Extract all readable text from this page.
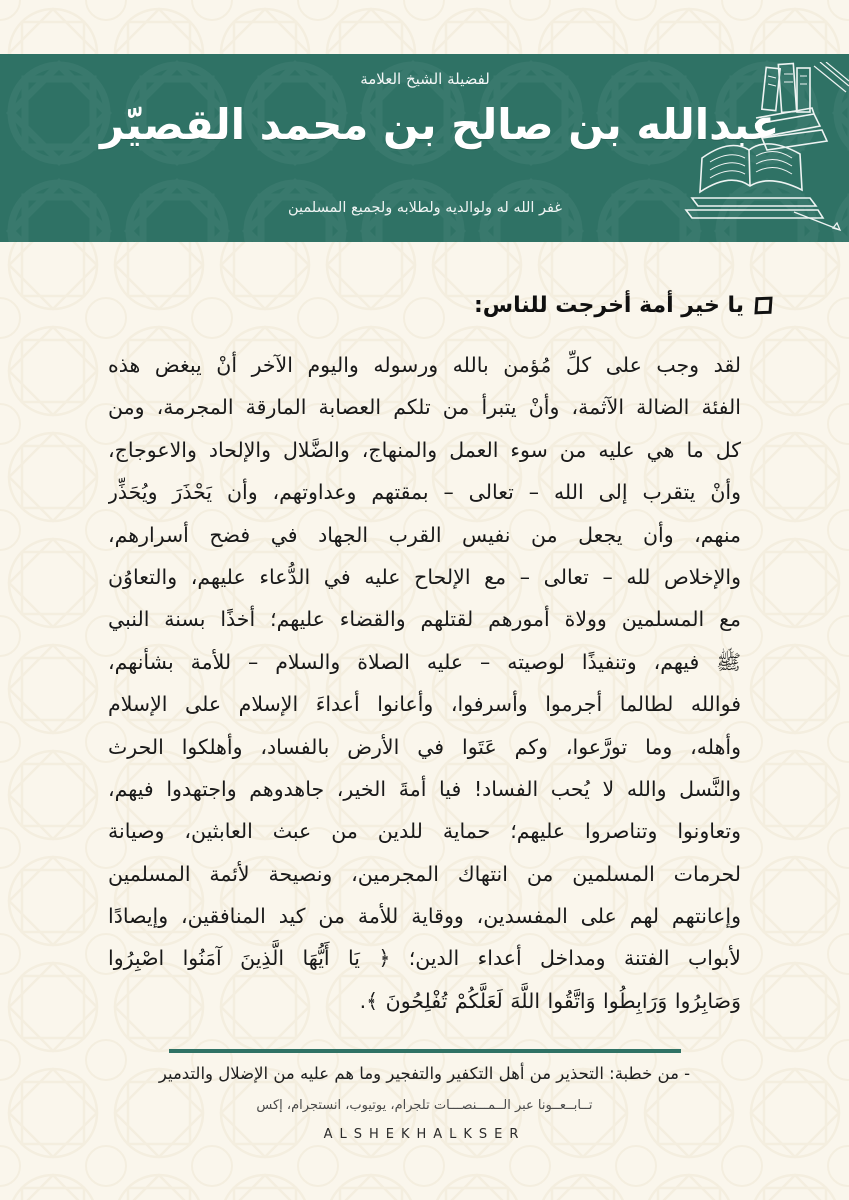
لفضيلة الشيخ العلامة
عبدالله بن صالح بن محمد القصيّر
غفر الله له ولوالديه ولطلابه ولجميع المسلمين
يا خير أمة أخرجت للناس:
لقد وجب على كلِّ مُؤمن بالله ورسوله واليوم الآخر أنْ يبغض هذه
الفئة الضالة الآثمة، وأنْ يتبرأ من تلكم العصابة المارقة المجرمة، ومن
كل ما هي عليه من سوء العمل والمنهاج، والضَّلال والإلحاد والاعوجاج،
وأنْ يتقرب إلى الله – تعالى – بمقتهم وعداوتهم، وأن يَحْذَرَ ويُحَذِّر
منهم، وأن يجعل من نفيس القرب الجهاد في فضح أسرارهم،
والإخلاص لله – تعالى – مع الإلحاح عليه في الدُّعاء عليهم، والتعاوُن
مع المسلمين وولاة أمورهم لقتلهم والقضاء عليهم؛ أخذًا بسنة النبي
ﷺ فيهم، وتنفيذًا لوصيته – عليه الصلاة والسلام – للأمة بشأنهم،
فوالله لطالما أجرموا وأسرفوا، وأعانوا أعداءَ الإسلام على الإسلام
وأهله، وما تورَّعوا، وكم عَتَوا في الأرض بالفساد، وأهلكوا الحرث
والنَّسل والله لا يُحب الفساد! فيا أمةَ الخير، جاهدوهم واجتهدوا فيهم،
وتعاونوا وتناصروا عليهم؛ حماية للدين من عبث العابثين، وصيانة
لحرمات المسلمين من انتهاك المجرمين، ونصيحة لأئمة المسلمين
وإعانتهم لهم على المفسدين، ووقاية للأمة من كيد المنافقين، وإيصادًا
لأبواب الفتنة ومداخل أعداء الدين؛ ﴿ يَا أَيُّهَا الَّذِينَ آمَنُوا اصْبِرُوا
وَصَابِرُوا وَرَابِطُوا وَاتَّقُوا اللَّهَ لَعَلَّكُمْ تُفْلِحُونَ ﴾.
- من خطبة: التحذير من أهل التكفير والتفجير وما هم عليه من الإضلال والتدمير
تــابــعــونا عبر الــمـــنصـــات تلجرام، يوتيوب، انستجرام، إكس
ALSHEKHALKSER
